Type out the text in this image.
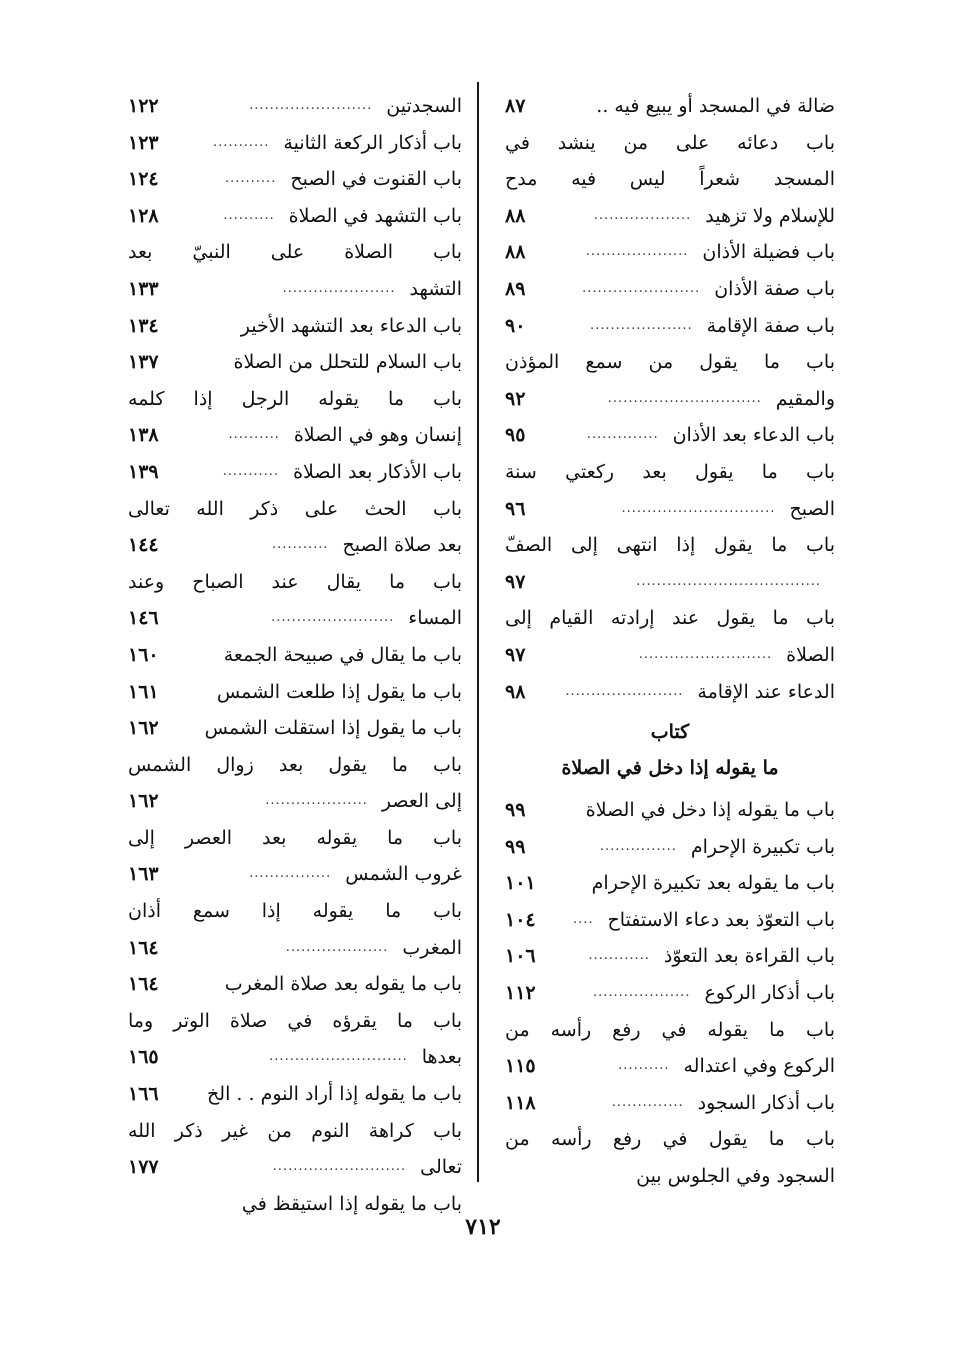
ضالة في المسجد أو يبيع فيه ..
٨٧
باب دعائه على من ينشد في
المسجد شعراً ليس فيه مدح
للإسلام ولا تزهيد
...................
٨٨
باب فضيلة الأذان
....................
٨٨
باب صفة الأذان
.......................
٨٩
باب صفة الإقامة
....................
٩٠
باب ما يقول من سمع المؤذن
والمقيم
..............................
٩٢
باب الدعاء بعد الأذان
..............
٩٥
باب ما يقول بعد ركعتي سنة
الصبح
..............................
٩٦
باب ما يقول إذا انتهى إلى الصفّ
....................................
٩٧
باب ما يقول عند إرادته القيام إلى
الصلاة
..........................
٩٧
الدعاء عند الإقامة
.......................
٩٨
كتاب
ما يقوله إذا دخل في الصلاة
باب ما يقوله إذا دخل في الصلاة
٩٩
باب تكبيرة الإحرام
...............
٩٩
باب ما يقوله بعد تكبيرة الإحرام
١٠١
باب التعوّذ بعد دعاء الاستفتاح
....
١٠٤
باب القراءة بعد التعوّذ
............
١٠٦
باب أذكار الركوع
...................
١١٢
باب ما يقوله في رفع رأسه من
الركوع وفي اعتداله
..........
١١٥
باب أذكار السجود
..............
١١٨
باب ما يقول في رفع رأسه من
السجود وفي الجلوس بين
السجدتين
........................
١٢٢
باب أذكار الركعة الثانية
...........
١٢٣
باب القنوت في الصبح
..........
١٢٤
باب التشهد في الصلاة
..........
١٢٨
باب الصلاة على النبيّ بعد
التشهد
......................
١٣٣
باب الدعاء بعد التشهد الأخير
١٣٤
باب السلام للتحلل من الصلاة
١٣٧
باب ما يقوله الرجل إذا كلمه
إنسان وهو في الصلاة
..........
١٣٨
باب الأذكار بعد الصلاة
...........
١٣٩
باب الحث على ذكر الله تعالى
بعد صلاة الصبح
...........
١٤٤
باب ما يقال عند الصباح وعند
المساء
........................
١٤٦
باب ما يقال في صبيحة الجمعة
١٦٠
باب ما يقول إذا طلعت الشمس
١٦١
باب ما يقول إذا استقلت الشمس
١٦٢
باب ما يقول بعد زوال الشمس
إلى العصر
....................
١٦٢
باب ما يقوله بعد العصر إلى
غروب الشمس
................
١٦٣
باب ما يقوله إذا سمع أذان
المغرب
....................
١٦٤
باب ما يقوله بعد صلاة المغرب
١٦٤
باب ما يقرؤه في صلاة الوتر وما
بعدها
...........................
١٦٥
باب ما يقوله إذا أراد النوم . . الخ
١٦٦
باب كراهة النوم من غير ذكر الله
تعالى
..........................
١٧٧
باب ما يقوله إذا استيقظ في
٧١٢
